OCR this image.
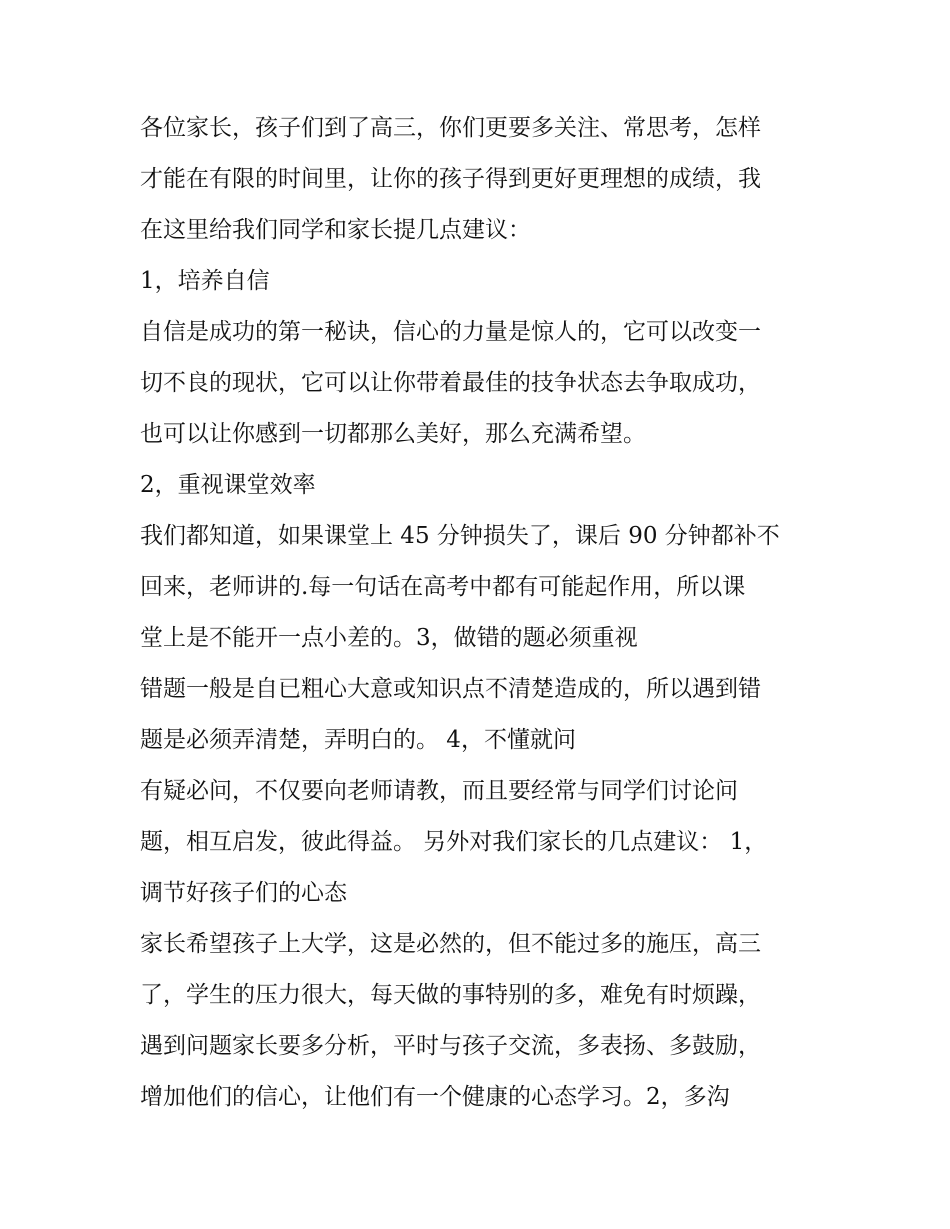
各位家长，孩子们到了高三，你们更要多关注、常思考，怎样
才能在有限的时间里，让你的孩子得到更好更理想的成绩，我
在这里给我们同学和家长提几点建议：
1，培养自信
自信是成功的第一秘诀，信心的力量是惊人的，它可以改变一
切不良的现状，它可以让你带着最佳的技争状态去争取成功，
也可以让你感到一切都那么美好，那么充满希望。
2，重视课堂效率
我们都知道，如果课堂上 45 分钟损失了，课后 90 分钟都补不
回来，老师讲的.每一句话在高考中都有可能起作用，所以课
堂上是不能开一点小差的。3，做错的题必须重视
错题一般是自已粗心大意或知识点不清楚造成的，所以遇到错
题是必须弄清楚，弄明白的。 4，不懂就问
有疑必问，不仅要向老师请教，而且要经常与同学们讨论问
题，相互启发，彼此得益。 另外对我们家长的几点建议： 1，
调节好孩子们的心态
家长希望孩子上大学，这是必然的，但不能过多的施压，高三
了，学生的压力很大，每天做的事特别的多，难免有时烦躁，
遇到问题家长要多分析，平时与孩子交流，多表扬、多鼓励，
增加他们的信心，让他们有一个健康的心态学习。2，多沟
